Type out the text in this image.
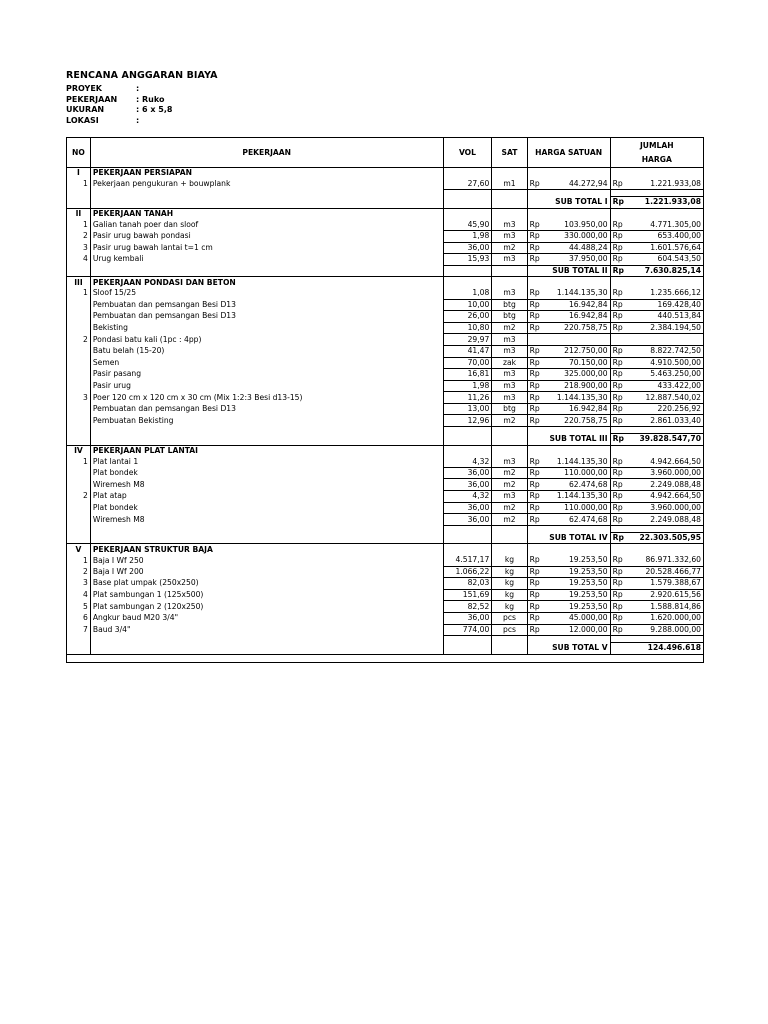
RENCANA ANGGARAN BIAYA
PROYEK	:
PEKERJAAN	: Ruko
UKURAN	: 6 x 5,8
LOKASI	:
NO	PEKERJAAN	VOL	SAT	HARGA SATUAN		JUMLAH
HARGA	

I	PEKERJAAN PERSIAPAN						
1	Pekerjaan pengukuran + bouwplank	27,60	m1	Rp	44.272,94	Rp	1.221.933,08

				SUB TOTAL I		Rp	1.221.933,08
II	PEKERJAAN TANAH						
1	Galian tanah poer dan sloof	45,90	m3	Rp	103.950,00	Rp	4.771.305,00
2	Pasir urug bawah pondasi	1,98	m3	Rp	330.000,00	Rp	653.400,00
3	Pasir urug bawah lantai t=1 cm	36,00	m2	Rp	44.488,24	Rp	1.601.576,64
4	Urug kembali	15,93	m3	Rp	37.950,00	Rp	604.543,50
				SUB TOTAL II		Rp	7.630.825,14
III	PEKERJAAN PONDASI DAN BETON						
1	Sloof 15/25	1,08	m3	Rp	1.144.135,30	Rp	1.235.666,12
	Pembuatan dan pemsangan Besi D13	10,00	btg	Rp	16.942,84	Rp	169.428,40
	Pembuatan dan pemsangan Besi D13	26,00	btg	Rp	16.942,84	Rp	440.513,84
	Bekisting	10,80	m2	Rp	220.758,75	Rp	2.384.194,50
2	Pondasi batu kali (1pc : 4pp)	29,97	m3				
	Batu belah (15-20)	41,47	m3	Rp	212.750,00	Rp	8.822.742,50
	Semen	70,00	zak	Rp	70.150,00	Rp	4.910.500,00
	Pasir pasang	16,81	m3	Rp	325.000,00	Rp	5.463.250,00
	Pasir urug	1,98	m3	Rp	218.900,00	Rp	433.422,00
3	Poer 120 cm x 120 cm x 30 cm (Mix 1:2:3 Besi d13-15)	11,26	m3	Rp	1.144.135,30	Rp	12.887.540,02
	Pembuatan dan pemsangan Besi D13	13,00	btg	Rp	16.942,84	Rp	220.256,92
	Pembuatan Bekisting	12,96	m2	Rp	220.758,75	Rp	2.861.033,40

				SUB TOTAL III		Rp	39.828.547,70
IV	PEKERJAAN PLAT LANTAI						
1	Plat lantai 1	4,32	m3	Rp	1.144.135,30	Rp	4.942.664,50
	Plat bondek	36,00	m2	Rp	110.000,00	Rp	3.960.000,00
	Wiremesh M8	36,00	m2	Rp	62.474,68	Rp	2.249.088,48
2	Plat atap	4,32	m3	Rp	1.144.135,30	Rp	4.942.664,50
	Plat bondek	36,00	m2	Rp	110.000,00	Rp	3.960.000,00
	Wiremesh M8	36,00	m2	Rp	62.474,68	Rp	2.249.088,48

				SUB TOTAL IV		Rp	22.303.505,95
V	PEKERJAAN STRUKTUR BAJA						
1	Baja I Wf 250	4.517,17	kg	Rp	19.253,50	Rp	86.971.332,60
2	Baja I Wf 200	1.066,22	kg	Rp	19.253,50	Rp	20.528.466,77
3	Base plat umpak (250x250)	82,03	kg	Rp	19.253,50	Rp	1.579.388,67
4	Plat sambungan 1 (125x500)	151,69	kg	Rp	19.253,50	Rp	2.920.615,56
5	Plat sambungan 2 (120x250)	82,52	kg	Rp	19.253,50	Rp	1.588.814,86
6	Angkur baud M20 3/4"	36,00	pcs	Rp	45.000,00	Rp	1.620.000,00
7	Baud 3/4"	774,00	pcs	Rp	12.000,00	Rp	9.288.000,00

				SUB TOTAL V			124.496.618
